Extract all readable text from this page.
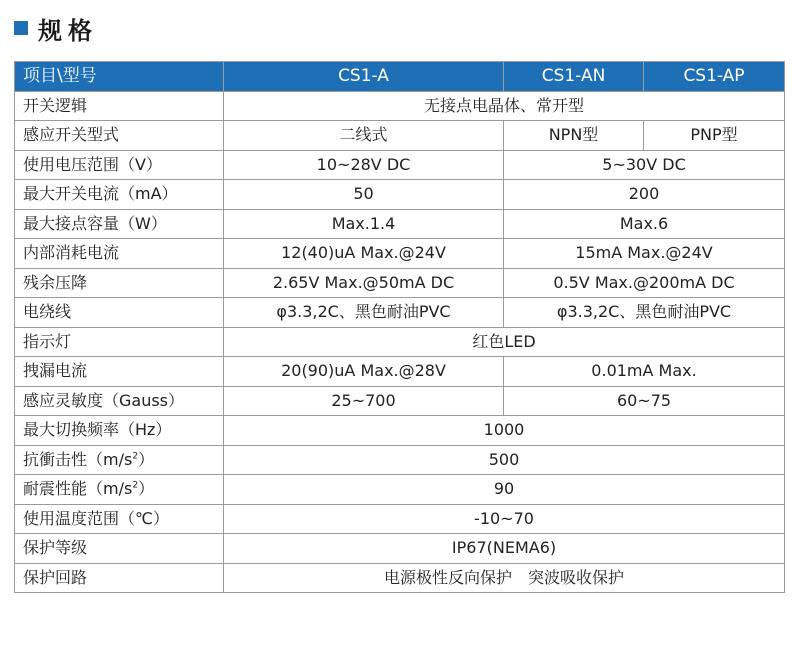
规格
项目\型号	CS1-A	CS1-AN	CS1-AP
开关逻辑	无接点电晶体、常开型		
感应开关型式	二线式	NPN型	PNP型
使用电压范围（V）	10~28V DC	5~30V DC	
最大开关电流（mA）	50	200	
最大接点容量（W）	Max.1.4	Max.6	
内部消耗电流	12(40)uA Max.@24V	15mA Max.@24V	
残余压降	2.65V Max.@50mA DC	0.5V Max.@200mA DC	
电绕线	φ3.3,2C、黑色耐油PVC	φ3.3,2C、黑色耐油PVC	
指示灯	红色LED		
拽漏电流	20(90)uA Max.@28V	0.01mA Max.	
感应灵敏度（Gauss）	25~700	60~75	
最大切换频率（Hz）	1000		
抗衝击性$(m/s^2)$	500		
耐震性能$(m/s^2)$	90		
使用温度范围（℃）	-10~70		
保护等级	IP67(NEMA6)		
保护回路	电源极性反向保护　突波吸收保护		
